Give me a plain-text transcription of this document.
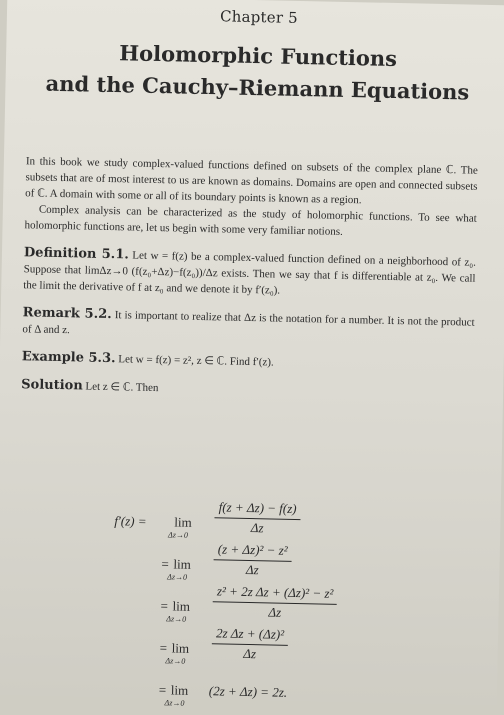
Chapter 5
Holomorphic Functions
and the Cauchy–Riemann Equations

In this book we study complex-valued functions defined on subsets of the complex plane ℂ. The subsets that are of most interest to us are known as domains. Domains are open and connected subsets of ℂ. A domain with some or all of its boundary points is known as a region.

Complex analysis can be characterized as the study of holomorphic functions. To see what holomorphic functions are, let us begin with some very familiar notions.

Definition 5.1. Let w = f(z) be a complex-valued function defined on a neighborhood of z₀. Suppose that limΔz→0 (f(z₀+Δz)−f(z₀))/Δz exists. Then we say that f is differentiable at z₀. We call the limit the derivative of f at z₀ and we denote it by f′(z₀).

Remark 5.2. It is important to realize that Δz is the notation for a number. It is not the product of Δ and z.

Example 5.3. Let w = f(z) = z², z ∈ ℂ. Find f′(z).

Solution Let z ∈ ℂ. Then

f′(z) = lim
$\Delta z\to 0 \frac{f(z + \Delta z) - f(z)}{\Delta z}$
= lim
$\Delta z\to 0 \frac{\text{(z + Δz)² − z²}}{\Delta z}$
= lim
$\Delta z\to 0 \frac{\text{z² + 2z Δz + (Δz)² − z²}}{\Delta z}$
= lim
$\Delta z\to 0 \frac{\text{2z Δz + (Δz)²}}{\Delta z}$
= lim
Δz→0
(2z + Δz) = 2z.
